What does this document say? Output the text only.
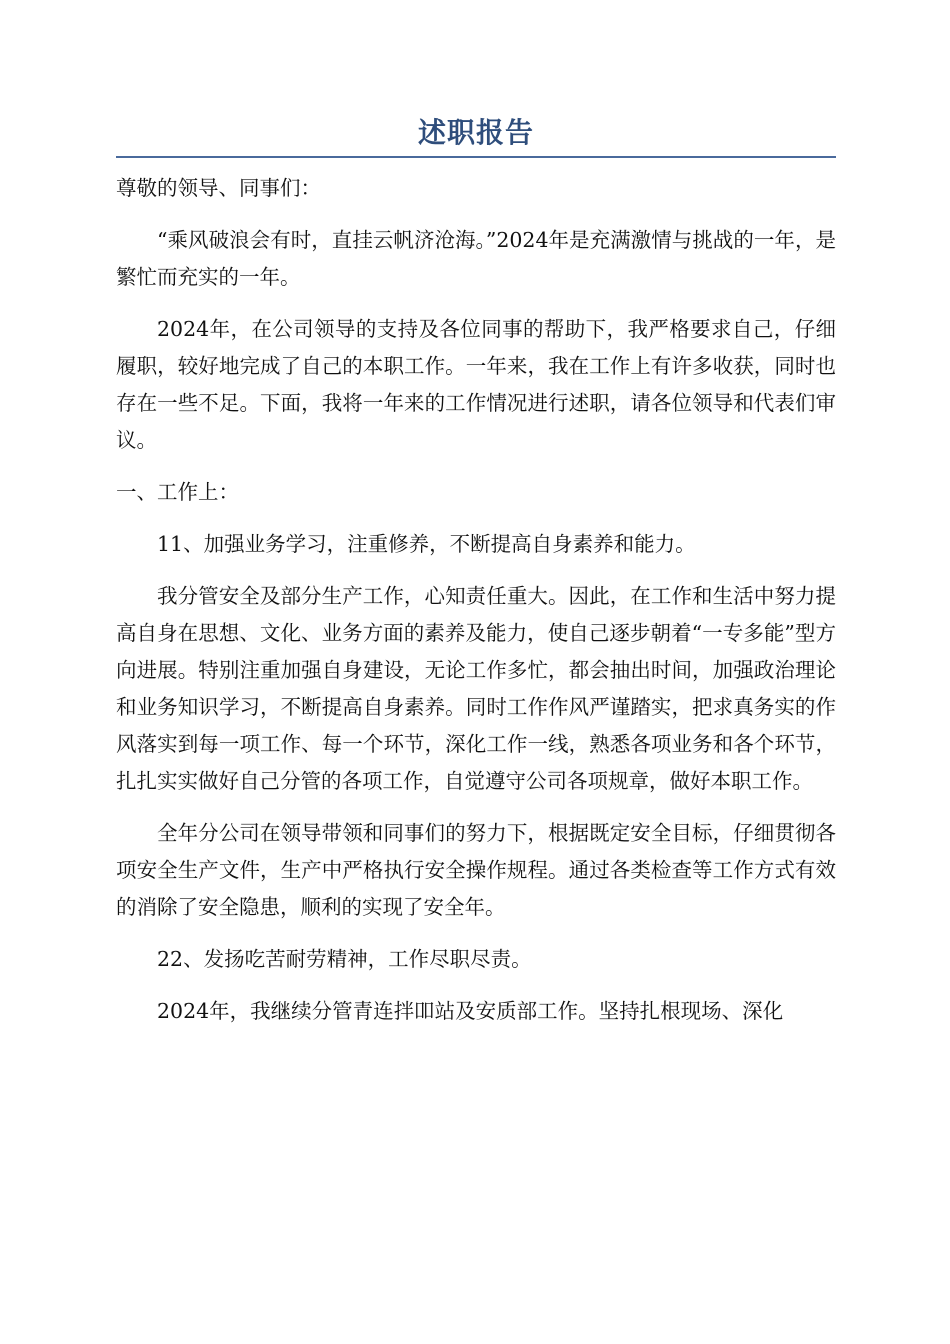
述职报告

尊敬的领导、同事们：

“乘风破浪会有时，直挂云帆济沧海。”2024年是充满激情与挑战的一年，是繁忙而充实的一年。

2024年，在公司领导的支持及各位同事的帮助下，我严格要求自己，仔细履职，较好地完成了自己的本职工作。一年来，我在工作上有许多收获，同时也存在一些不足。下面，我将一年来的工作情况进行述职，请各位领导和代表们审议。

一、工作上：

11、加强业务学习，注重修养，不断提高自身素养和能力。

我分管安全及部分生产工作，心知责任重大。因此，在工作和生活中努力提高自身在思想、文化、业务方面的素养及能力，使自己逐步朝着“一专多能”型方向进展。特别注重加强自身建设，无论工作多忙，都会抽出时间，加强政治理论和业务知识学习，不断提高自身素养。同时工作作风严谨踏实，把求真务实的作风落实到每一项工作、每一个环节，深化工作一线，熟悉各项业务和各个环节，扎扎实实做好自己分管的各项工作，自觉遵守公司各项规章，做好本职工作。

全年分公司在领导带领和同事们的努力下，根据既定安全目标，仔细贯彻各项安全生产文件，生产中严格执行安全操作规程。通过各类检查等工作方式有效的消除了安全隐患，顺利的实现了安全年。

22、发扬吃苦耐劳精神，工作尽职尽责。

2024年，我继续分管青连拌吅站及安质部工作。坚持扎根现场、深化
